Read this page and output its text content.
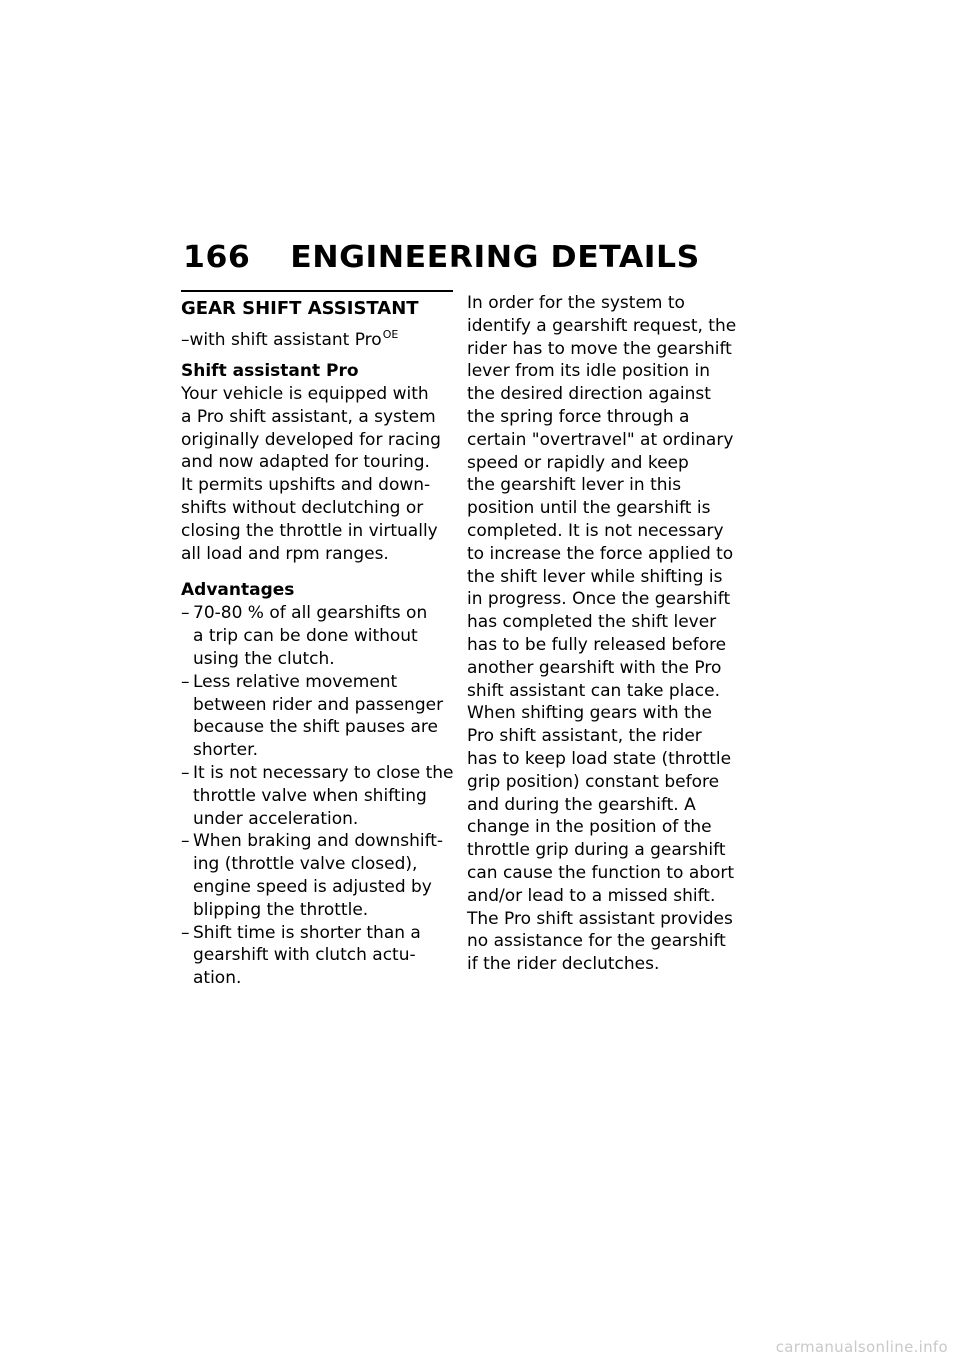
166 ENGINEERING DETAILS
GEAR SHIFT ASSISTANT
–with shift assistant Pro$^{OE}$
Shift assistant Pro
Your vehicle is equipped with
a Pro shift assistant, a system
originally developed for racing
and now adapted for touring.
It permits upshifts and down-
shifts without declutching or
closing the throttle in virtually
all load and rpm ranges.
Advantages
– 70-80 % of all gearshifts on
a trip can be done without
using the clutch.
– Less relative movement
between rider and passenger
because the shift pauses are
shorter.
– It is not necessary to close the
throttle valve when shifting
under acceleration.
– When braking and downshift-
ing (throttle valve closed),
engine speed is adjusted by
blipping the throttle.
– Shift time is shorter than a
gearshift with clutch actu-
ation.
In order for the system to
identify a gearshift request, the
rider has to move the gearshift
lever from its idle position in
the desired direction against
the spring force through a
certain "overtravel" at ordinary
speed or rapidly and keep
the gearshift lever in this
position until the gearshift is
completed. It is not necessary
to increase the force applied to
the shift lever while shifting is
in progress. Once the gearshift
has completed the shift lever
has to be fully released before
another gearshift with the Pro
shift assistant can take place.
When shifting gears with the
Pro shift assistant, the rider
has to keep load state (throttle
grip position) constant before
and during the gearshift. A
change in the position of the
throttle grip during a gearshift
can cause the function to abort
and/or lead to a missed shift.
The Pro shift assistant provides
no assistance for the gearshift
if the rider declutches.
carmanualsonline.info
